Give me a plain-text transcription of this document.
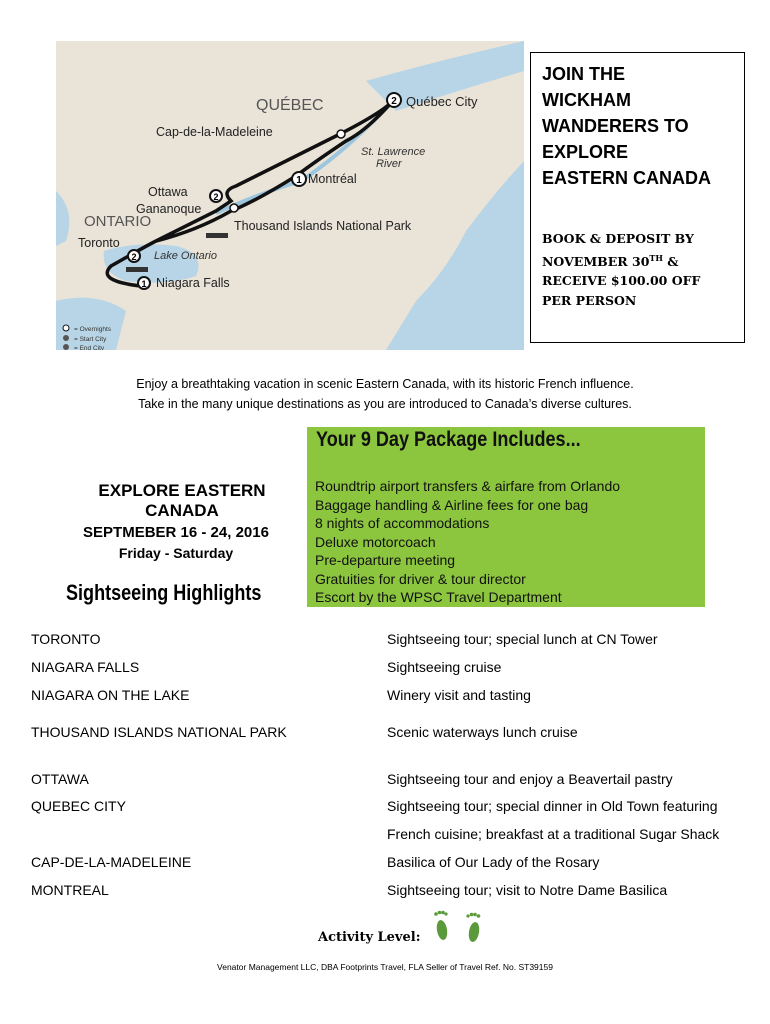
2
1
2
2
1
QUÉBEC
ONTARIO
Québec City
Cap-de-la-Madeleine
St. Lawrence
River
Montréal
Ottawa
Gananoque
Thousand Islands National Park
Toronto
Lake Ontario
Niagara Falls
= Overnights
= Start City
= End City
JOIN THE
WICKHAM
WANDERERS TO
EXPLORE
EASTERN CANADA
BOOK & DEPOSIT BY
NOVEMBER 30TH &
RECEIVE $100.00 OFF
PER PERSON
Enjoy a breathtaking vacation in scenic Eastern Canada, with its historic French influence.
Take in the many unique destinations as you are introduced to Canada’s diverse cultures.
Your 9 Day Package Includes...
Roundtrip airport transfers & airfare from Orlando
Baggage handling & Airline fees for one bag
8 nights of accommodations
Deluxe motorcoach
Pre-departure meeting
Gratuities for driver & tour director
Escort by the WPSC Travel Department
EXPLORE EASTERN
CANADA
SEPTMEBER 16 - 24, 2016
Friday - Saturday
Sightseeing Highlights
TORONTO	Sightseeing tour; special lunch at CN Tower
NIAGARA FALLS	Sightseeing cruise
NIAGARA ON THE LAKE	Winery visit and tasting
THOUSAND ISLANDS NATIONAL PARK	Scenic waterways lunch cruise
OTTAWA	Sightseeing tour and enjoy a Beavertail pastry
QUEBEC CITY	Sightseeing tour; special dinner in Old Town featuring
French cuisine; breakfast at a traditional Sugar Shack
CAP-DE-LA-MADELEINE	Basilica of Our Lady of the Rosary
MONTREAL	Sightseeing tour; visit to Notre Dame Basilica
Activity Level:
Venator Management LLC, DBA Footprints Travel, FLA Seller of Travel Ref. No. ST39159
